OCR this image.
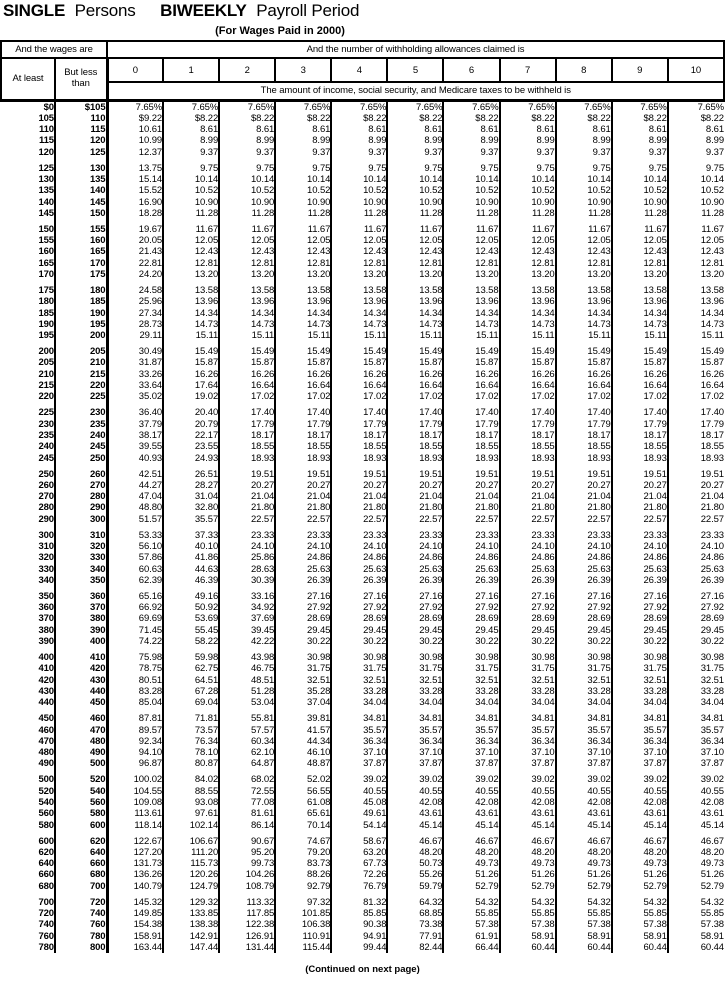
SINGLE Persons BIWEEKLY Payroll Period
(For Wages Paid in 2000)
And the wages are		And the number of withholding allowances claimed is										
At least	But less than	0	1	2	3	4	5	6	7	8	9	10
		The amount of income, social security, and Medicare taxes to be withheld is										
$0	$105	7.65%	7.65%	7.65%	7.65%	7.65%	7.65%	7.65%	7.65%	7.65%	7.65%	7.65%
105	110	$9.22	$8.22	$8.22	$8.22	$8.22	$8.22	$8.22	$8.22	$8.22	$8.22	$8.22
110	115	10.61	8.61	8.61	8.61	8.61	8.61	8.61	8.61	8.61	8.61	8.61
115	120	10.99	8.99	8.99	8.99	8.99	8.99	8.99	8.99	8.99	8.99	8.99
120	125	12.37	9.37	9.37	9.37	9.37	9.37	9.37	9.37	9.37	9.37	9.37

125	130	13.75	9.75	9.75	9.75	9.75	9.75	9.75	9.75	9.75	9.75	9.75
130	135	15.14	10.14	10.14	10.14	10.14	10.14	10.14	10.14	10.14	10.14	10.14
135	140	15.52	10.52	10.52	10.52	10.52	10.52	10.52	10.52	10.52	10.52	10.52
140	145	16.90	10.90	10.90	10.90	10.90	10.90	10.90	10.90	10.90	10.90	10.90
145	150	18.28	11.28	11.28	11.28	11.28	11.28	11.28	11.28	11.28	11.28	11.28

150	155	19.67	11.67	11.67	11.67	11.67	11.67	11.67	11.67	11.67	11.67	11.67
155	160	20.05	12.05	12.05	12.05	12.05	12.05	12.05	12.05	12.05	12.05	12.05
160	165	21.43	12.43	12.43	12.43	12.43	12.43	12.43	12.43	12.43	12.43	12.43
165	170	22.81	12.81	12.81	12.81	12.81	12.81	12.81	12.81	12.81	12.81	12.81
170	175	24.20	13.20	13.20	13.20	13.20	13.20	13.20	13.20	13.20	13.20	13.20

175	180	24.58	13.58	13.58	13.58	13.58	13.58	13.58	13.58	13.58	13.58	13.58
180	185	25.96	13.96	13.96	13.96	13.96	13.96	13.96	13.96	13.96	13.96	13.96
185	190	27.34	14.34	14.34	14.34	14.34	14.34	14.34	14.34	14.34	14.34	14.34
190	195	28.73	14.73	14.73	14.73	14.73	14.73	14.73	14.73	14.73	14.73	14.73
195	200	29.11	15.11	15.11	15.11	15.11	15.11	15.11	15.11	15.11	15.11	15.11

200	205	30.49	15.49	15.49	15.49	15.49	15.49	15.49	15.49	15.49	15.49	15.49
205	210	31.87	15.87	15.87	15.87	15.87	15.87	15.87	15.87	15.87	15.87	15.87
210	215	33.26	16.26	16.26	16.26	16.26	16.26	16.26	16.26	16.26	16.26	16.26
215	220	33.64	17.64	16.64	16.64	16.64	16.64	16.64	16.64	16.64	16.64	16.64
220	225	35.02	19.02	17.02	17.02	17.02	17.02	17.02	17.02	17.02	17.02	17.02

225	230	36.40	20.40	17.40	17.40	17.40	17.40	17.40	17.40	17.40	17.40	17.40
230	235	37.79	20.79	17.79	17.79	17.79	17.79	17.79	17.79	17.79	17.79	17.79
235	240	38.17	22.17	18.17	18.17	18.17	18.17	18.17	18.17	18.17	18.17	18.17
240	245	39.55	23.55	18.55	18.55	18.55	18.55	18.55	18.55	18.55	18.55	18.55
245	250	40.93	24.93	18.93	18.93	18.93	18.93	18.93	18.93	18.93	18.93	18.93

250	260	42.51	26.51	19.51	19.51	19.51	19.51	19.51	19.51	19.51	19.51	19.51
260	270	44.27	28.27	20.27	20.27	20.27	20.27	20.27	20.27	20.27	20.27	20.27
270	280	47.04	31.04	21.04	21.04	21.04	21.04	21.04	21.04	21.04	21.04	21.04
280	290	48.80	32.80	21.80	21.80	21.80	21.80	21.80	21.80	21.80	21.80	21.80
290	300	51.57	35.57	22.57	22.57	22.57	22.57	22.57	22.57	22.57	22.57	22.57

300	310	53.33	37.33	23.33	23.33	23.33	23.33	23.33	23.33	23.33	23.33	23.33
310	320	56.10	40.10	24.10	24.10	24.10	24.10	24.10	24.10	24.10	24.10	24.10
320	330	57.86	41.86	25.86	24.86	24.86	24.86	24.86	24.86	24.86	24.86	24.86
330	340	60.63	44.63	28.63	25.63	25.63	25.63	25.63	25.63	25.63	25.63	25.63
340	350	62.39	46.39	30.39	26.39	26.39	26.39	26.39	26.39	26.39	26.39	26.39

350	360	65.16	49.16	33.16	27.16	27.16	27.16	27.16	27.16	27.16	27.16	27.16
360	370	66.92	50.92	34.92	27.92	27.92	27.92	27.92	27.92	27.92	27.92	27.92
370	380	69.69	53.69	37.69	28.69	28.69	28.69	28.69	28.69	28.69	28.69	28.69
380	390	71.45	55.45	39.45	29.45	29.45	29.45	29.45	29.45	29.45	29.45	29.45
390	400	74.22	58.22	42.22	30.22	30.22	30.22	30.22	30.22	30.22	30.22	30.22

400	410	75.98	59.98	43.98	30.98	30.98	30.98	30.98	30.98	30.98	30.98	30.98
410	420	78.75	62.75	46.75	31.75	31.75	31.75	31.75	31.75	31.75	31.75	31.75
420	430	80.51	64.51	48.51	32.51	32.51	32.51	32.51	32.51	32.51	32.51	32.51
430	440	83.28	67.28	51.28	35.28	33.28	33.28	33.28	33.28	33.28	33.28	33.28
440	450	85.04	69.04	53.04	37.04	34.04	34.04	34.04	34.04	34.04	34.04	34.04

450	460	87.81	71.81	55.81	39.81	34.81	34.81	34.81	34.81	34.81	34.81	34.81
460	470	89.57	73.57	57.57	41.57	35.57	35.57	35.57	35.57	35.57	35.57	35.57
470	480	92.34	76.34	60.34	44.34	36.34	36.34	36.34	36.34	36.34	36.34	36.34
480	490	94.10	78.10	62.10	46.10	37.10	37.10	37.10	37.10	37.10	37.10	37.10
490	500	96.87	80.87	64.87	48.87	37.87	37.87	37.87	37.87	37.87	37.87	37.87

500	520	100.02	84.02	68.02	52.02	39.02	39.02	39.02	39.02	39.02	39.02	39.02
520	540	104.55	88.55	72.55	56.55	40.55	40.55	40.55	40.55	40.55	40.55	40.55
540	560	109.08	93.08	77.08	61.08	45.08	42.08	42.08	42.08	42.08	42.08	42.08
560	580	113.61	97.61	81.61	65.61	49.61	43.61	43.61	43.61	43.61	43.61	43.61
580	600	118.14	102.14	86.14	70.14	54.14	45.14	45.14	45.14	45.14	45.14	45.14

600	620	122.67	106.67	90.67	74.67	58.67	46.67	46.67	46.67	46.67	46.67	46.67
620	640	127.20	111.20	95.20	79.20	63.20	48.20	48.20	48.20	48.20	48.20	48.20
640	660	131.73	115.73	99.73	83.73	67.73	50.73	49.73	49.73	49.73	49.73	49.73
660	680	136.26	120.26	104.26	88.26	72.26	55.26	51.26	51.26	51.26	51.26	51.26
680	700	140.79	124.79	108.79	92.79	76.79	59.79	52.79	52.79	52.79	52.79	52.79

700	720	145.32	129.32	113.32	97.32	81.32	64.32	54.32	54.32	54.32	54.32	54.32
720	740	149.85	133.85	117.85	101.85	85.85	68.85	55.85	55.85	55.85	55.85	55.85
740	760	154.38	138.38	122.38	106.38	90.38	73.38	57.38	57.38	57.38	57.38	57.38
760	780	158.91	142.91	126.91	110.91	94.91	77.91	61.91	58.91	58.91	58.91	58.91
780	800	163.44	147.44	131.44	115.44	99.44	82.44	66.44	60.44	60.44	60.44	60.44
(Continued on next page)
